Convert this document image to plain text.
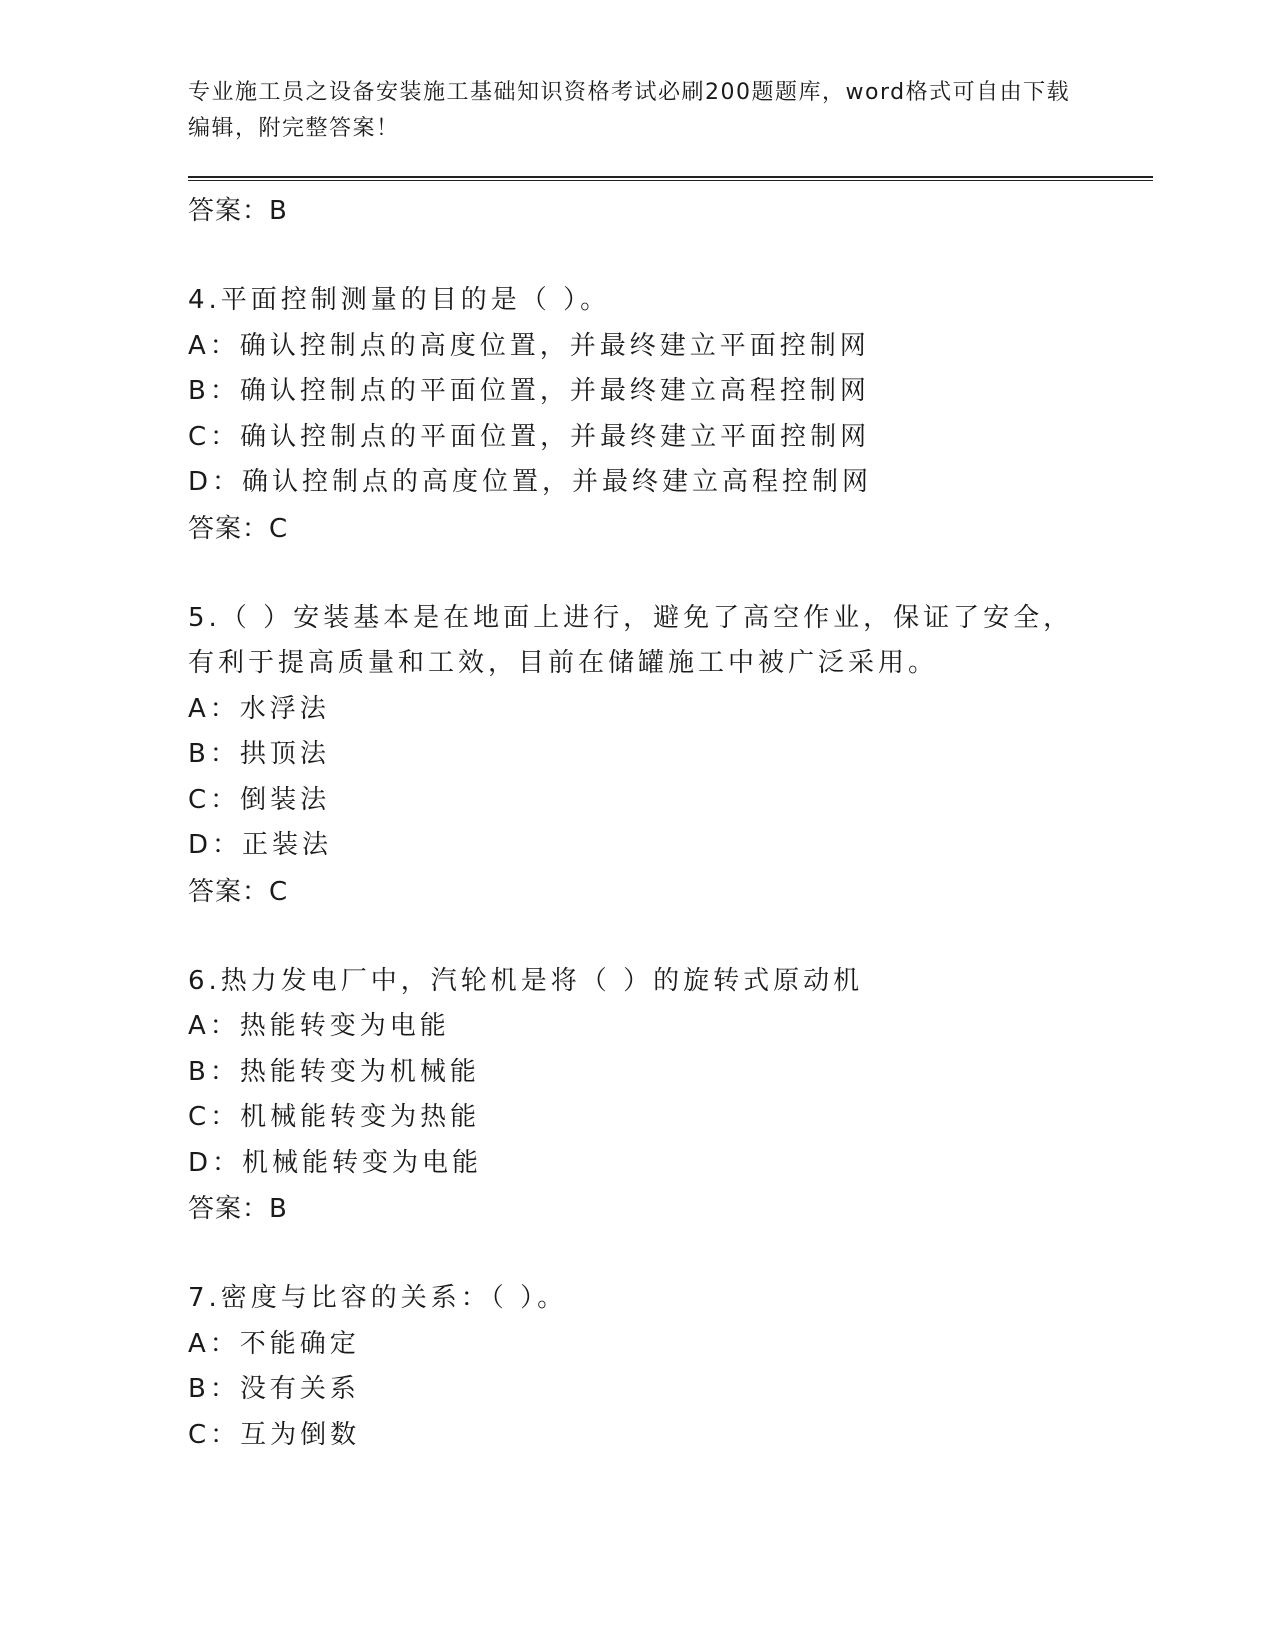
专业施工员之设备安装施工基础知识资格考试必刷200题题库，word格式可自由下载编辑，附完整答案！
答案：B
4.平面控制测量的目的是（ ）。
A：确认控制点的高度位置，并最终建立平面控制网
B：确认控制点的平面位置，并最终建立高程控制网
C：确认控制点的平面位置，并最终建立平面控制网
D：确认控制点的高度位置，并最终建立高程控制网
答案：C
5.（ ）安装基本是在地面上进行，避免了高空作业，保证了安全，有利于提高质量和工效，目前在储罐施工中被广泛采用。
A：水浮法
B：拱顶法
C：倒装法
D：正装法
答案：C
6.热力发电厂中，汽轮机是将（ ）的旋转式原动机
A：热能转变为电能
B：热能转变为机械能
C：机械能转变为热能
D：机械能转变为电能
答案：B
7.密度与比容的关系：（ ）。
A：不能确定
B：没有关系
C：互为倒数
